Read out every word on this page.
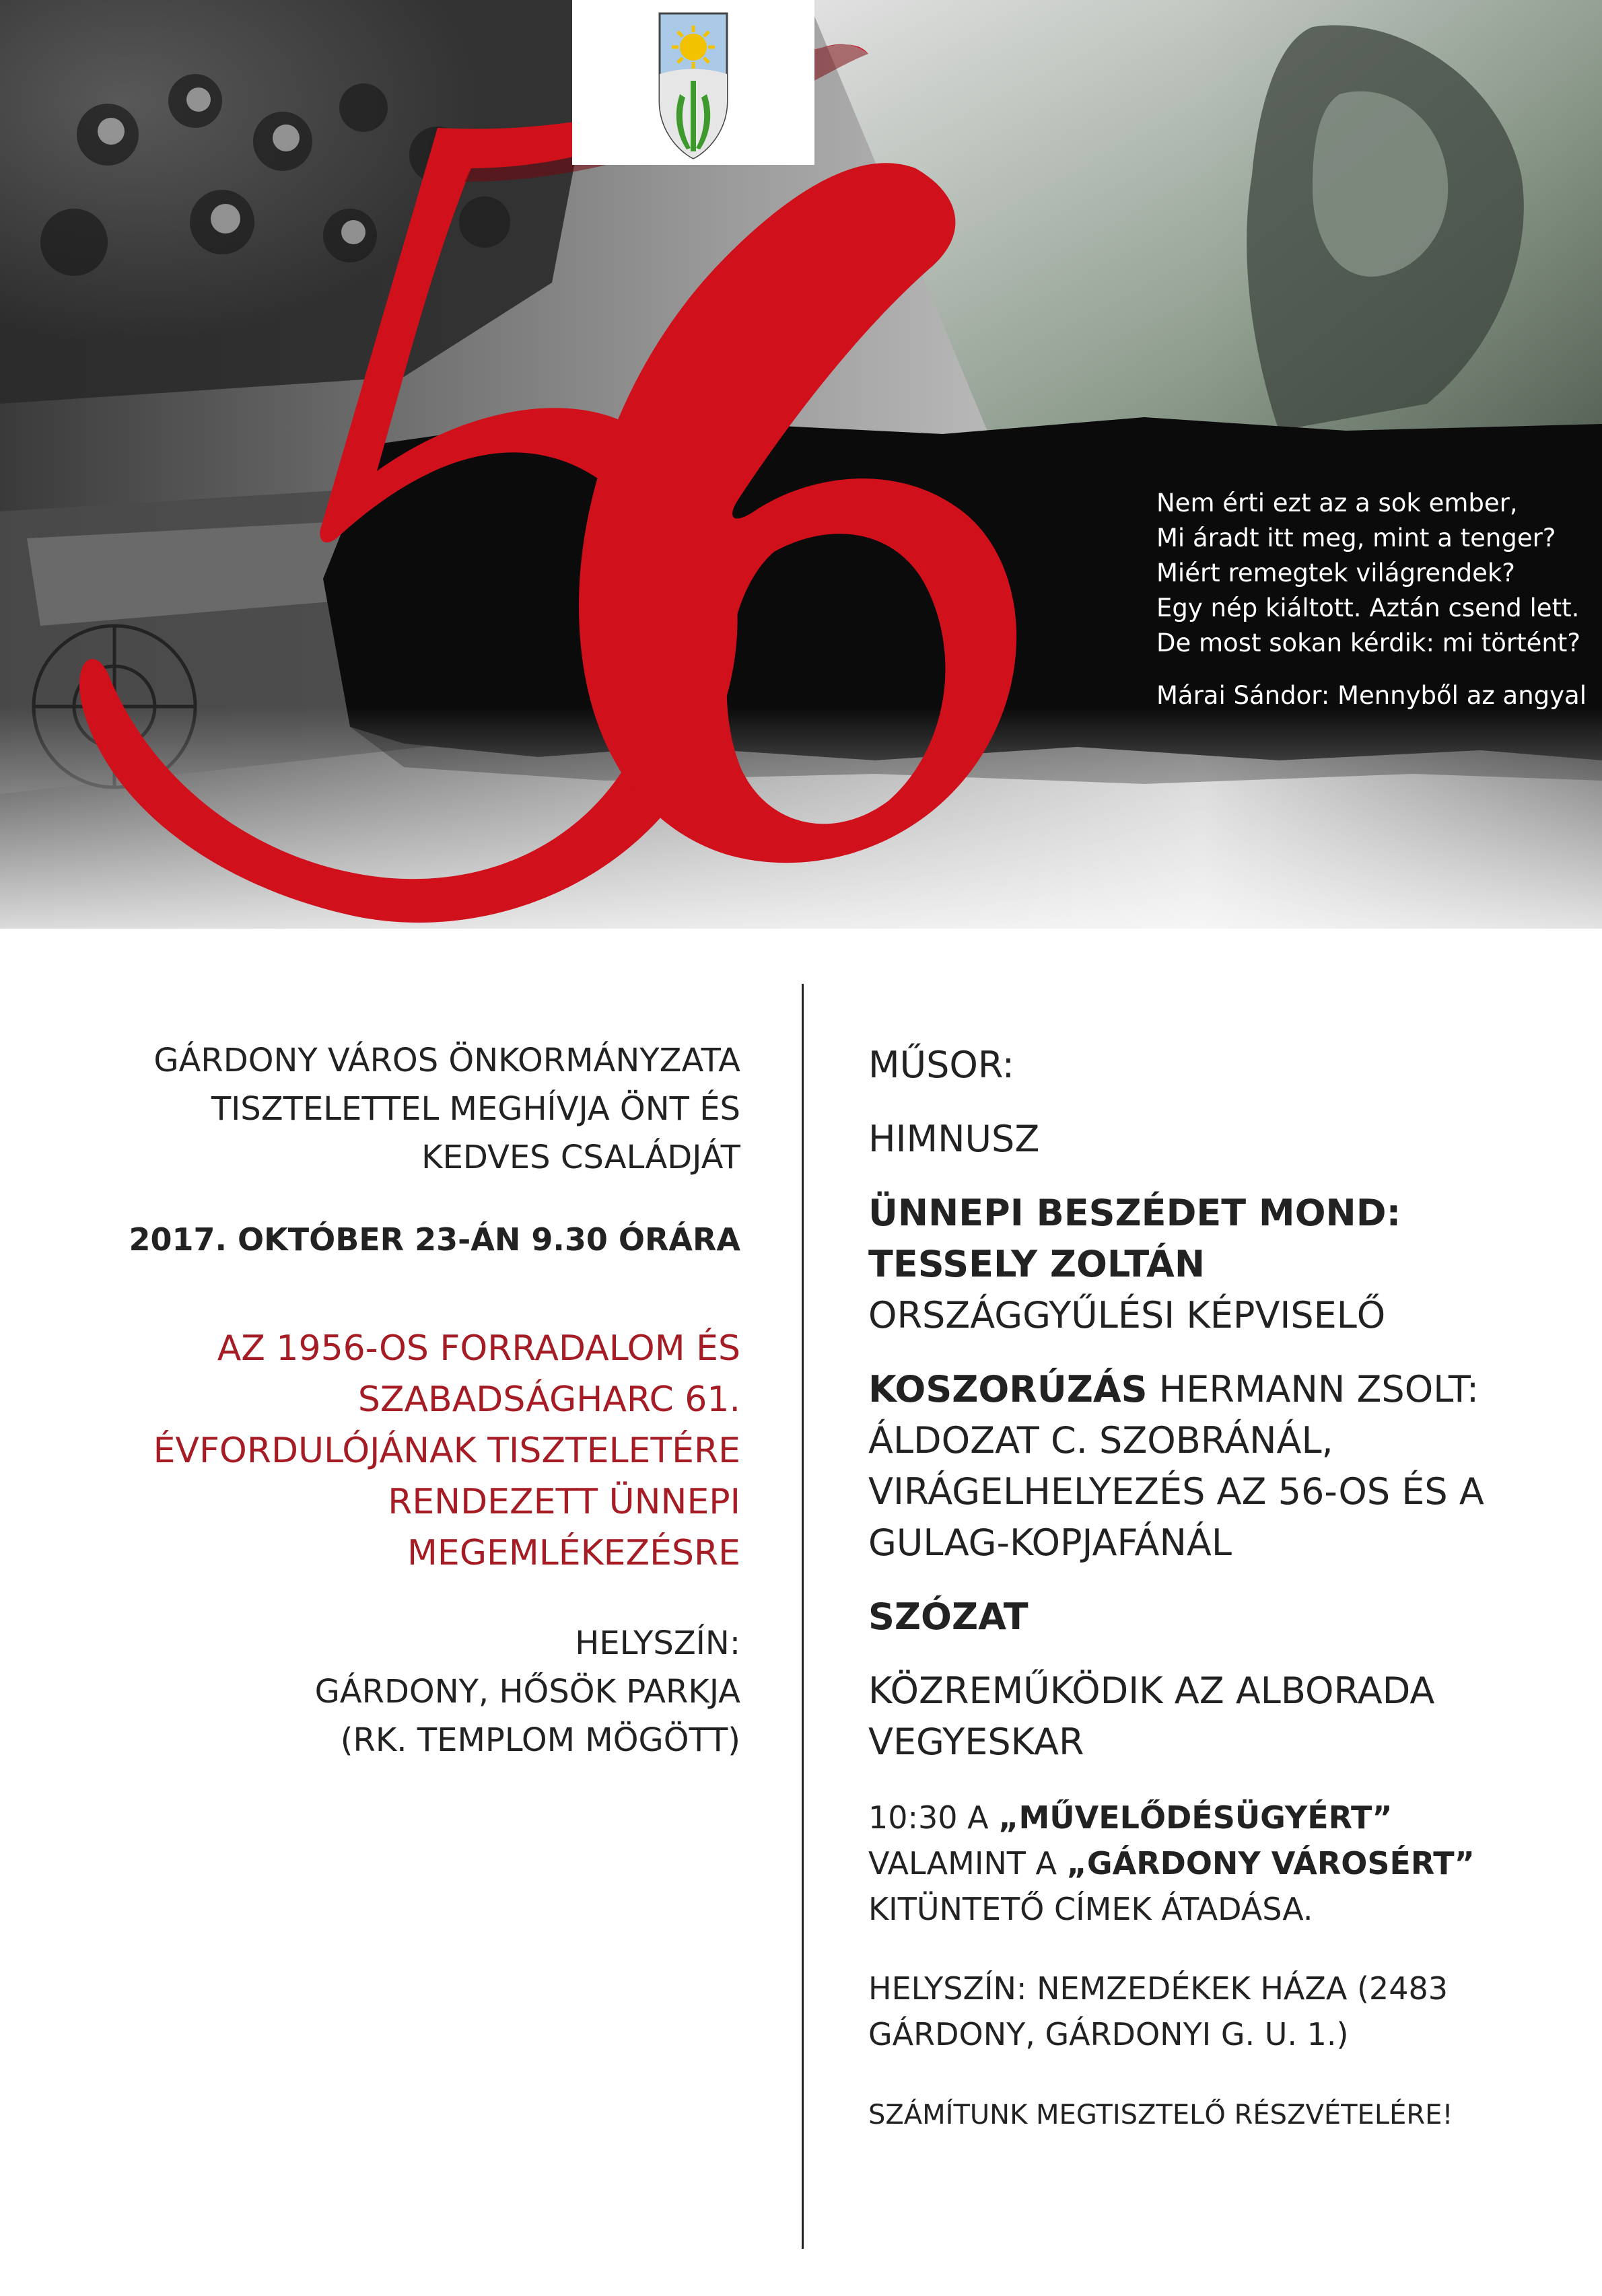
Nem érti ezt az a sok ember,
Mi áradt itt meg, mint a tenger?
Miért remegtek világrendek?
Egy nép kiáltott. Aztán csend lett.
De most sokan kérdik: mi történt?
Márai Sándor: Mennyből az angyal
GÁRDONY VÁROS ÖNKORMÁNYZATA
TISZTELETTEL MEGHÍVJA ÖNT ÉS
KEDVES CSALÁDJÁT
2017. OKTÓBER 23-ÁN 9.30 ÓRÁRA
AZ 1956-OS FORRADALOM ÉS
SZABADSÁGHARC 61.
ÉVFORDULÓJÁNAK TISZTELETÉRE
RENDEZETT ÜNNEPI
MEGEMLÉKEZÉSRE
HELYSZÍN:
GÁRDONY, HŐSÖK PARKJA
(RK. TEMPLOM MÖGÖTT)
MŰSOR:
HIMNUSZ
ÜNNEPI BESZÉDET MOND:
TESSELY ZOLTÁN
ORSZÁGGYŰLÉSI KÉPVISELŐ
KOSZORÚZÁS HERMANN ZSOLT:
ÁLDOZAT C. SZOBRÁNÁL,
VIRÁGELHELYEZÉS AZ 56-OS ÉS A
GULAG-KOPJAFÁNÁL
SZÓZAT
KÖZREMŰKÖDIK AZ ALBORADA
VEGYESKAR
10:30 A „MŰVELŐDÉSÜGYÉRT”
VALAMINT A „GÁRDONY VÁROSÉRT”
KITÜNTETŐ CÍMEK ÁTADÁSA.
HELYSZÍN: NEMZEDÉKEK HÁZA (2483
GÁRDONY, GÁRDONYI G. U. 1.)
SZÁMÍTUNK MEGTISZTELŐ RÉSZVÉTELÉRE!
